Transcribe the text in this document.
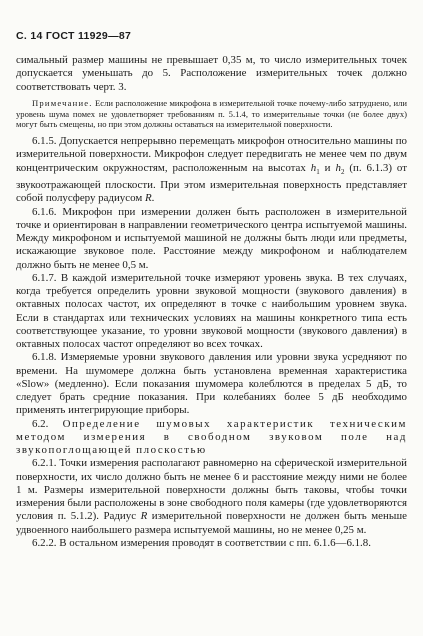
С. 14 ГОСТ 11929—87

симальный размер машины не превышает 0,35 м, то число измерительных точек допускается уменьшать до 5. Расположение измерительных точек должно соответствовать черт. 3.

Примечание. Если расположение микрофона в измерительной точке почему-либо затруднено, или уровень шума помех не удовлетворяет требованиям п. 5.1.4, то измерительные точки (не более двух) могут быть смещены, но при этом должны оставаться на измерительной поверхности.

6.1.5. Допускается непрерывно перемещать микрофон относительно машины по измерительной поверхности. Микрофон следует передвигать не менее чем по двум концентрическим окружностям, расположенным на высотах $h_1$ и $h_2$ (п. 6.1.3) от звукоотражающей плоскости. При этом измерительная поверхность представляет собой полусферу радиусом R.

6.1.6. Микрофон при измерении должен быть расположен в измерительной точке и ориентирован в направлении геометрического центра испытуемой машины. Между микрофоном и испытуемой машиной не должны быть люди или предметы, искажающие звуковое поле. Расстояние между микрофоном и наблюдателем должно быть не менее 0,5 м.

6.1.7. В каждой измерительной точке измеряют уровень звука. В тех случаях, когда требуется определить уровни звуковой мощности (звукового давления) в октавных полосах частот, их определяют в точке с наибольшим уровнем звука. Если в стандартах или технических условиях на машины конкретного типа есть соответствующее указание, то уровни звуковой мощности (звукового давления) в октавных полосах частот определяют во всех точках.

6.1.8. Измеряемые уровни звукового давления или уровни звука усредняют по времени. На шумомере должна быть установлена временная характеристика «Slow» (медленно). Если показания шумомера колеблются в пределах 5 дБ, то следует брать средние показания. При колебаниях более 5 дБ необходимо применять интегрирующие приборы.

6.2. Определение шумовых характеристик техническим методом измерения в свободном звуковом поле над звукопоглощающей плоскостью

6.2.1. Точки измерения располагают равномерно на сферической измерительной поверхности, их число должно быть не менее 6 и расстояние между ними не более 1 м. Размеры измерительной поверхности должны быть таковы, чтобы точки измерения были расположены в зоне свободного поля камеры (где удовлетворяются условия п. 5.1.2). Радиус R измерительной поверхности не должен быть меньше удвоенного наибольшего размера испытуемой машины, но не менее 0,25 м.

6.2.2. В остальном измерения проводят в соответствии с пп. 6.1.6—6.1.8.
